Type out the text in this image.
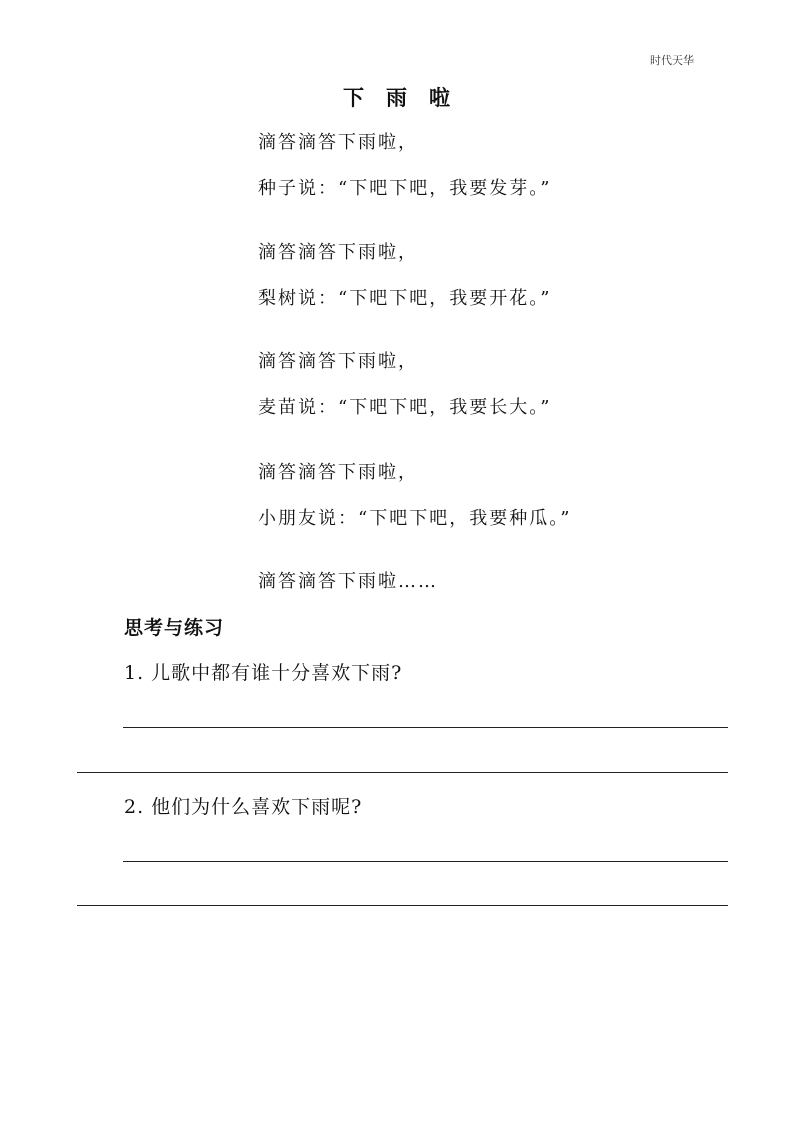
时代天华
下 雨 啦
滴答滴答下雨啦，
种子说：“下吧下吧，我要发芽。”
滴答滴答下雨啦，
梨树说：“下吧下吧，我要开花。”
滴答滴答下雨啦，
麦苗说：“下吧下吧，我要长大。”
滴答滴答下雨啦，
小朋友说：“下吧下吧，我要种瓜。”
滴答滴答下雨啦……
思考与练习
1. 儿歌中都有谁十分喜欢下雨?
2. 他们为什么喜欢下雨呢?
